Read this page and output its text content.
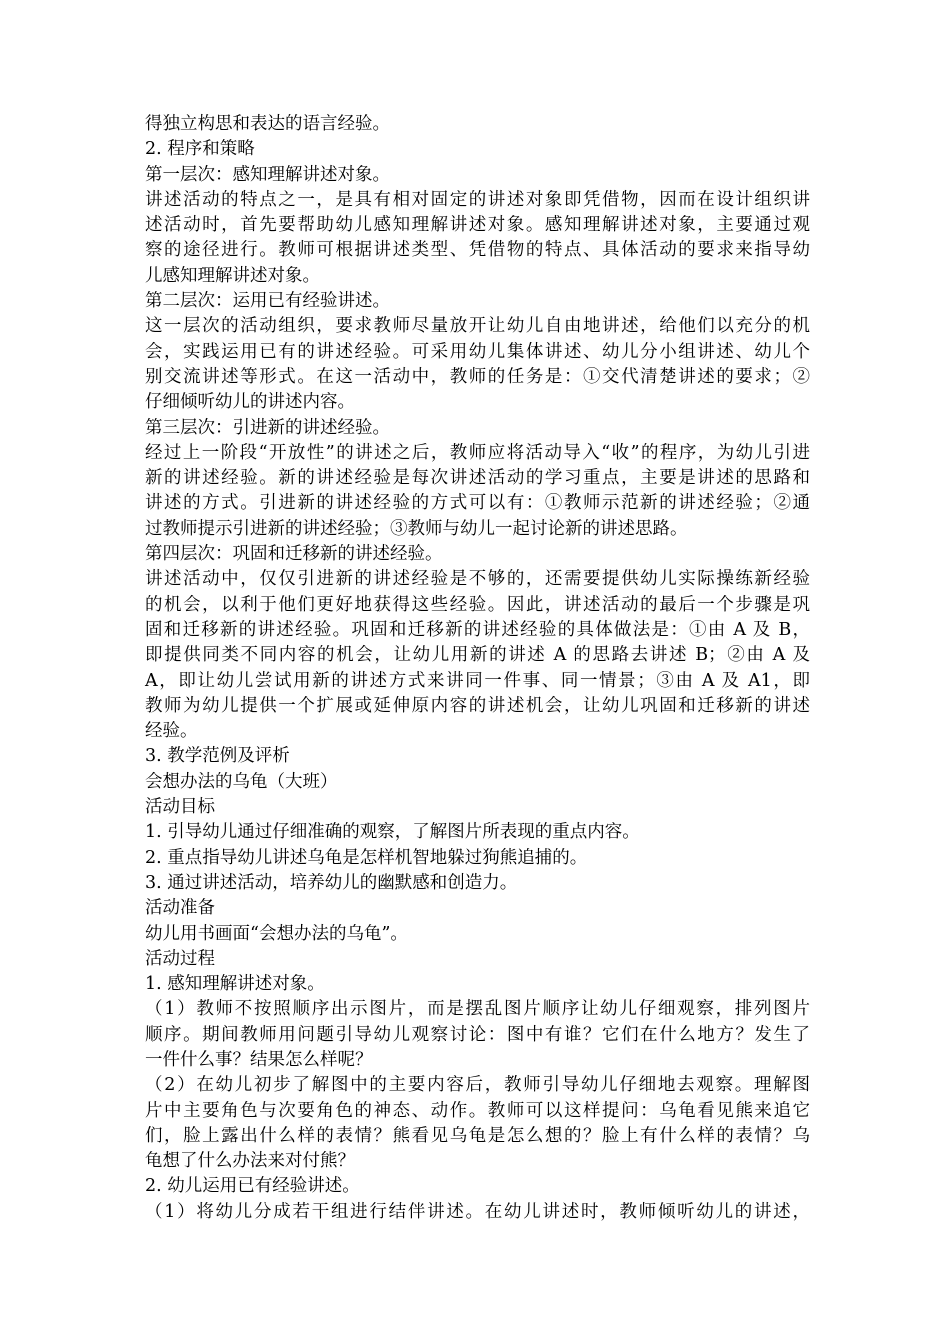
得独立构思和表达的语言经验。

2. 程序和策略

第一层次：感知理解讲述对象。

讲述活动的特点之一，是具有相对固定的讲述对象即凭借物，因而在设计组织讲

述活动时，首先要帮助幼儿感知理解讲述对象。感知理解讲述对象，主要通过观

察的途径进行。教师可根据讲述类型、凭借物的特点、具体活动的要求来指导幼

儿感知理解讲述对象。

第二层次：运用已有经验讲述。

这一层次的活动组织，要求教师尽量放开让幼儿自由地讲述，给他们以充分的机

会，实践运用已有的讲述经验。可采用幼儿集体讲述、幼儿分小组讲述、幼儿个

别交流讲述等形式。在这一活动中，教师的任务是：①交代清楚讲述的要求；②

仔细倾听幼儿的讲述内容。

第三层次：引进新的讲述经验。

经过上一阶段“开放性”的讲述之后，教师应将活动导入“收”的程序，为幼儿引进

新的讲述经验。新的讲述经验是每次讲述活动的学习重点，主要是讲述的思路和

讲述的方式。引进新的讲述经验的方式可以有：①教师示范新的讲述经验；②通

过教师提示引进新的讲述经验；③教师与幼儿一起讨论新的讲述思路。

第四层次：巩固和迁移新的讲述经验。

讲述活动中，仅仅引进新的讲述经验是不够的，还需要提供幼儿实际操练新经验

的机会，以利于他们更好地获得这些经验。因此，讲述活动的最后一个步骤是巩

固和迁移新的讲述经验。巩固和迁移新的讲述经验的具体做法是：①由 A 及 B，

即提供同类不同内容的机会，让幼儿用新的讲述 A 的思路去讲述 B；②由 A 及

A，即让幼儿尝试用新的讲述方式来讲同一件事、同一情景；③由 A 及 A1，即

教师为幼儿提供一个扩展或延伸原内容的讲述机会，让幼儿巩固和迁移新的讲述

经验。

3. 教学范例及评析

会想办法的乌龟（大班）

活动目标

1. 引导幼儿通过仔细准确的观察，了解图片所表现的重点内容。

2. 重点指导幼儿讲述乌龟是怎样机智地躲过狗熊追捕的。

3. 通过讲述活动，培养幼儿的幽默感和创造力。

活动准备

幼儿用书画面“会想办法的乌龟”。

活动过程

1. 感知理解讲述对象。

（1）教师不按照顺序出示图片，而是摆乱图片顺序让幼儿仔细观察，排列图片

顺序。期间教师用问题引导幼儿观察讨论：图中有谁？它们在什么地方？发生了

一件什么事？结果怎么样呢？

（2）在幼儿初步了解图中的主要内容后，教师引导幼儿仔细地去观察。理解图

片中主要角色与次要角色的神态、动作。教师可以这样提问：乌龟看见熊来追它

们，脸上露出什么样的表情？熊看见乌龟是怎么想的？脸上有什么样的表情？乌

龟想了什么办法来对付熊？

2. 幼儿运用已有经验讲述。

（1）将幼儿分成若干组进行结伴讲述。在幼儿讲述时，教师倾听幼儿的讲述，
